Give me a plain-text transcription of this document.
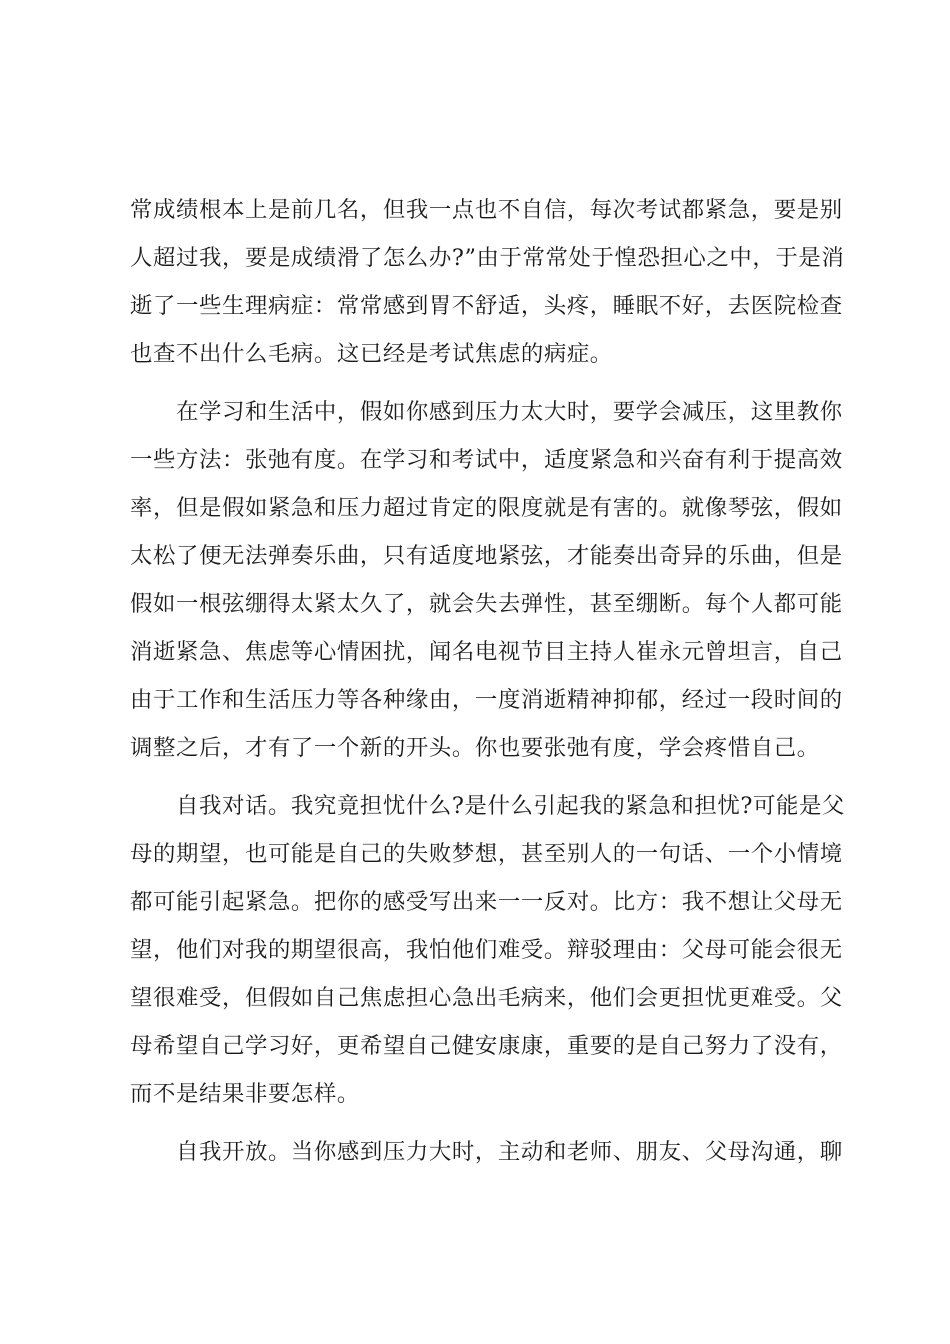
常成绩根本上是前几名，但我一点也不自信，每次考试都紧急，要是别
人超过我，要是成绩滑了怎么办?”由于常常处于惶恐担心之中，于是消
逝了一些生理病症：常常感到胃不舒适，头疼，睡眠不好，去医院检查
也查不出什么毛病。这已经是考试焦虑的病症。
　　在学习和生活中，假如你感到压力太大时，要学会减压，这里教你
一些方法：张弛有度。在学习和考试中，适度紧急和兴奋有利于提高效
率，但是假如紧急和压力超过肯定的限度就是有害的。就像琴弦，假如
太松了便无法弹奏乐曲，只有适度地紧弦，才能奏出奇异的乐曲，但是
假如一根弦绷得太紧太久了，就会失去弹性，甚至绷断。每个人都可能
消逝紧急、焦虑等心情困扰，闻名电视节目主持人崔永元曾坦言，自己
由于工作和生活压力等各种缘由，一度消逝精神抑郁，经过一段时间的
调整之后，才有了一个新的开头。你也要张弛有度，学会疼惜自己。
　　自我对话。我究竟担忧什么?是什么引起我的紧急和担忧?可能是父
母的期望，也可能是自己的失败梦想，甚至别人的一句话、一个小情境
都可能引起紧急。把你的感受写出来一一反对。比方：我不想让父母无
望，他们对我的期望很高，我怕他们难受。辩驳理由：父母可能会很无
望很难受，但假如自己焦虑担心急出毛病来，他们会更担忧更难受。父
母希望自己学习好，更希望自己健安康康，重要的是自己努力了没有，
而不是结果非要怎样。
　　自我开放。当你感到压力大时，主动和老师、朋友、父母沟通，聊
